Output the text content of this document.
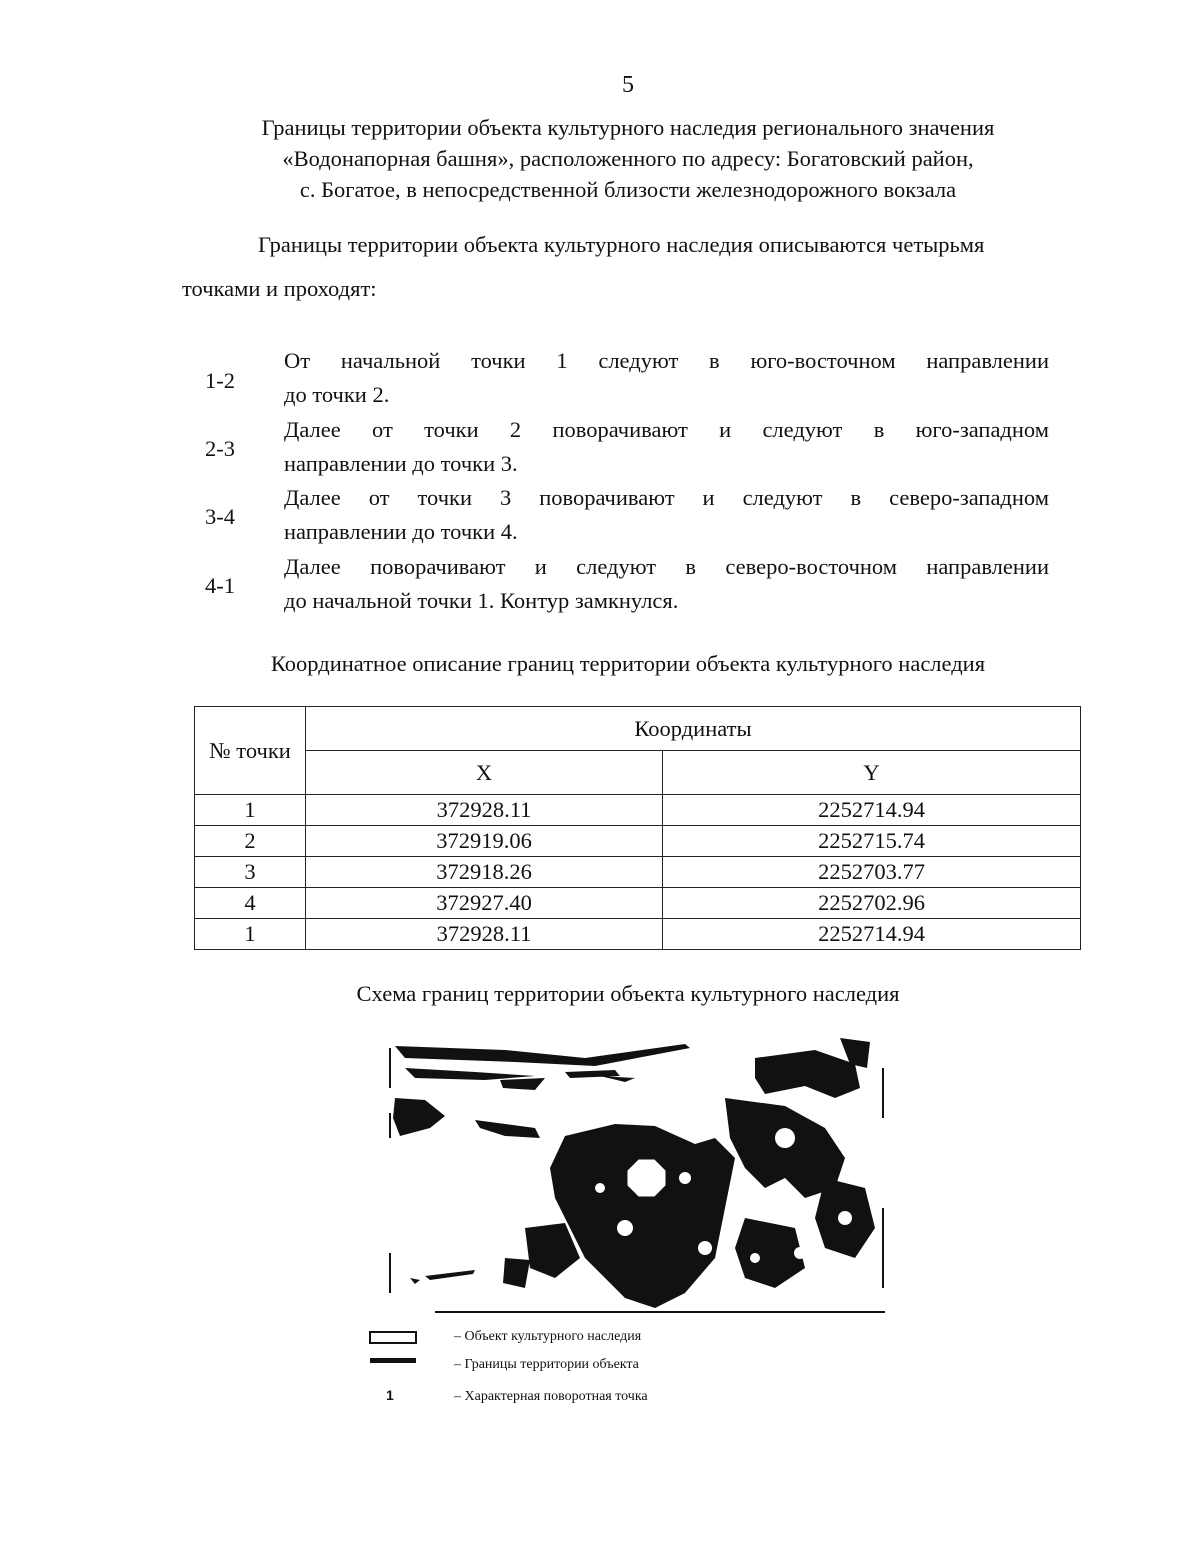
5
Границы территории объекта культурного наследия регионального значения
«Водонапорная башня», расположенного по адресу: Богатовский район,
с. Богатое, в непосредственной близости железнодорожного вокзала
Границы территории объекта культурного наследия описываются четырьмя
точками и проходят:
1-2
От начальной точки 1 следуют в юго-восточном направлении
до точки 2.
2-3
Далее от точки 2 поворачивают и следуют в юго-западном
направлении до точки 3.
3-4
Далее от точки 3 поворачивают и следуют в северо-западном
направлении до точки 4.
4-1
Далее поворачивают и следуют в северо-восточном направлении
до начальной точки 1. Контур замкнулся.
Координатное описание границ территории объекта культурного наследия
№ точки	Координаты	
	X	Y
1	372928.11	2252714.94
2	372919.06	2252715.74
3	372918.26	2252703.77
4	372927.40	2252702.96
1	372928.11	2252714.94
Схема границ территории объекта культурного наследия
– Объект культурного наследия
– Границы территории объекта
1	– Характерная поворотная точка
